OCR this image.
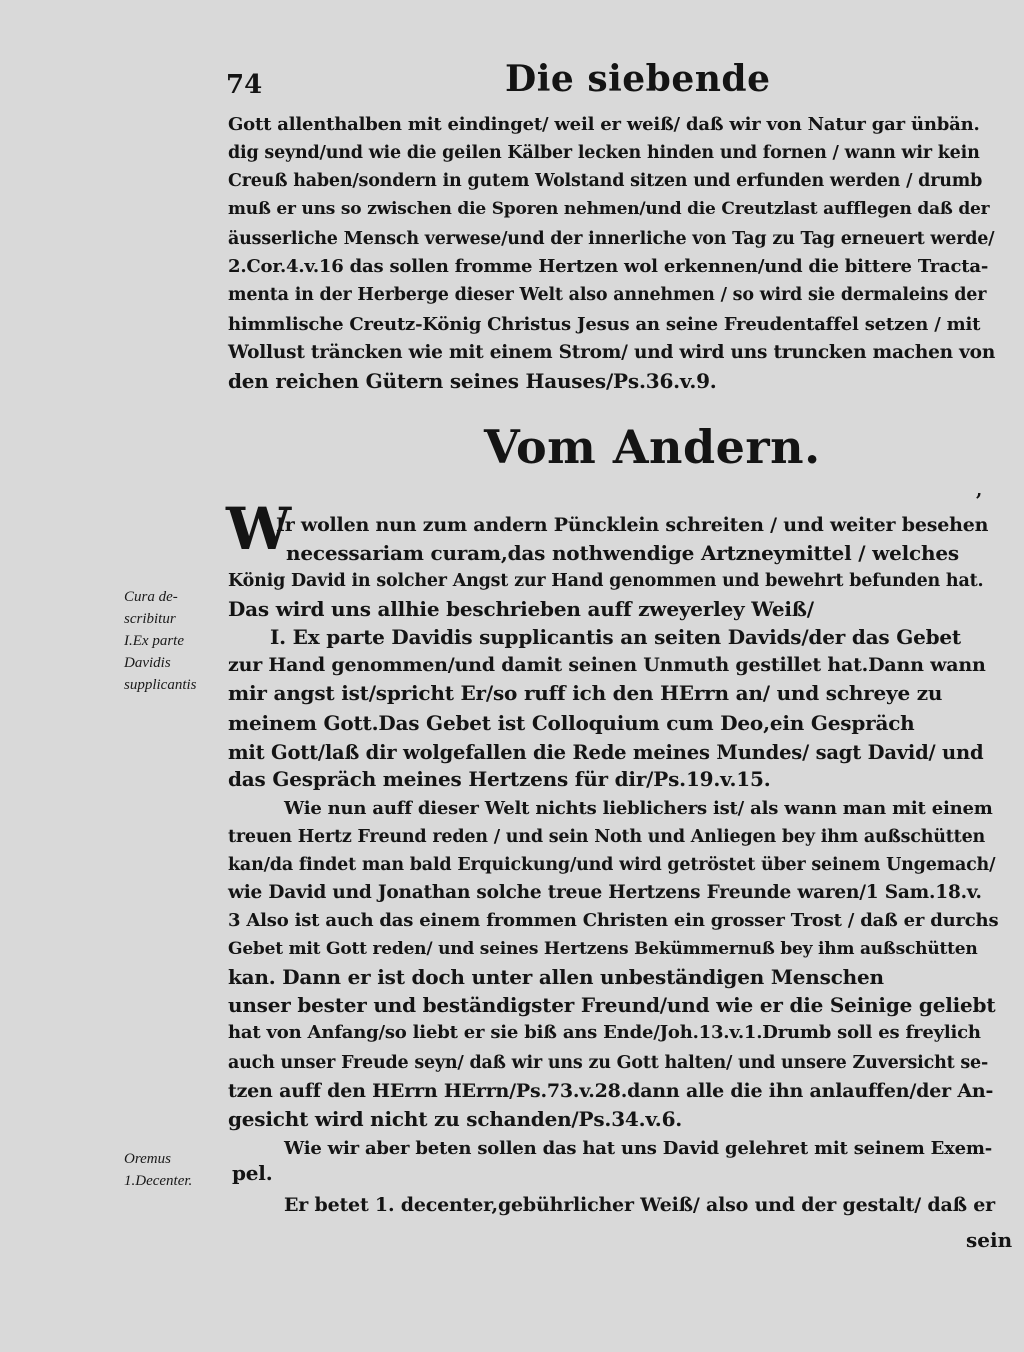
74	Die siebende
Gott allenthalben mit eindinget/ weil er weiß/ daß wir von Natur gar ünbän.
dig seynd/und wie die geilen Kälber lecken hinden und fornen / wann wir kein
Creuß haben/sondern in gutem Wolstand sitzen und erfunden werden / drumb
muß er uns so zwischen die Sporen nehmen/und die Creutzlast aufflegen daß der
äusserliche Mensch verwese/und der innerliche von Tag zu Tag erneuert werde/
2.Cor.4.v.16 das sollen fromme Hertzen wol erkennen/und die bittere Tracta-
menta in der Herberge dieser Welt also annehmen / so wird sie dermaleins der
himmlische Creutz-König Christus Jesus an seine Freudentaffel setzen / mit
Wollust träncken wie mit einem Strom/ und wird uns truncken machen von
den reichen Gütern seines Hauses/Ps.36.v.9.
Vom Andern.
,
W
Ir wollen nun zum andern Püncklein schreiten / und weiter besehen
necessariam curam,das nothwendige Artzneymittel / welches
König David in solcher Angst zur Hand genommen und bewehrt befunden hat.
Das wird uns allhie beschrieben auff zweyerley Weiß/
I. Ex parte Davidis supplicantis an seiten Davids/der das Gebet
zur Hand genommen/und damit seinen Unmuth gestillet hat.Dann wann
mir angst ist/spricht Er/so ruff ich den HErrn an/ und schreye zu
meinem Gott.Das Gebet ist Colloquium cum Deo,ein Gespräch
mit Gott/laß dir wolgefallen die Rede meines Mundes/ sagt David/ und
das Gespräch meines Hertzens für dir/Ps.19.v.15.
Wie nun auff dieser Welt nichts lieblichers ist/ als wann man mit einem
treuen Hertz Freund reden / und sein Noth und Anliegen bey ihm außschütten
kan/da findet man bald Erquickung/und wird getröstet über seinem Ungemach/
wie David und Jonathan solche treue Hertzens Freunde waren/1 Sam.18.v.
3 Also ist auch das einem frommen Christen ein grosser Trost / daß er durchs
Gebet mit Gott reden/ und seines Hertzens Bekümmernuß bey ihm außschütten
kan. Dann er ist doch unter allen unbeständigen Menschen
unser bester und beständigster Freund/und wie er die Seinige geliebt
hat von Anfang/so liebt er sie biß ans Ende/Joh.13.v.1.Drumb soll es freylich
auch unser Freude seyn/ daß wir uns zu Gott halten/ und unsere Zuversicht se-
tzen auff den HErrn HErrn/Ps.73.v.28.dann alle die ihn anlauffen/der An-
gesicht wird nicht zu schanden/Ps.34.v.6.
Wie wir aber beten sollen das hat uns David gelehret mit seinem Exem-
pel.
Er betet 1. decenter,gebührlicher Weiß/ also und der gestalt/ daß er
sein
Cura de-
scribitur
I.Ex parte
Davidis
supplicantis
Oremus
1.Decenter.
